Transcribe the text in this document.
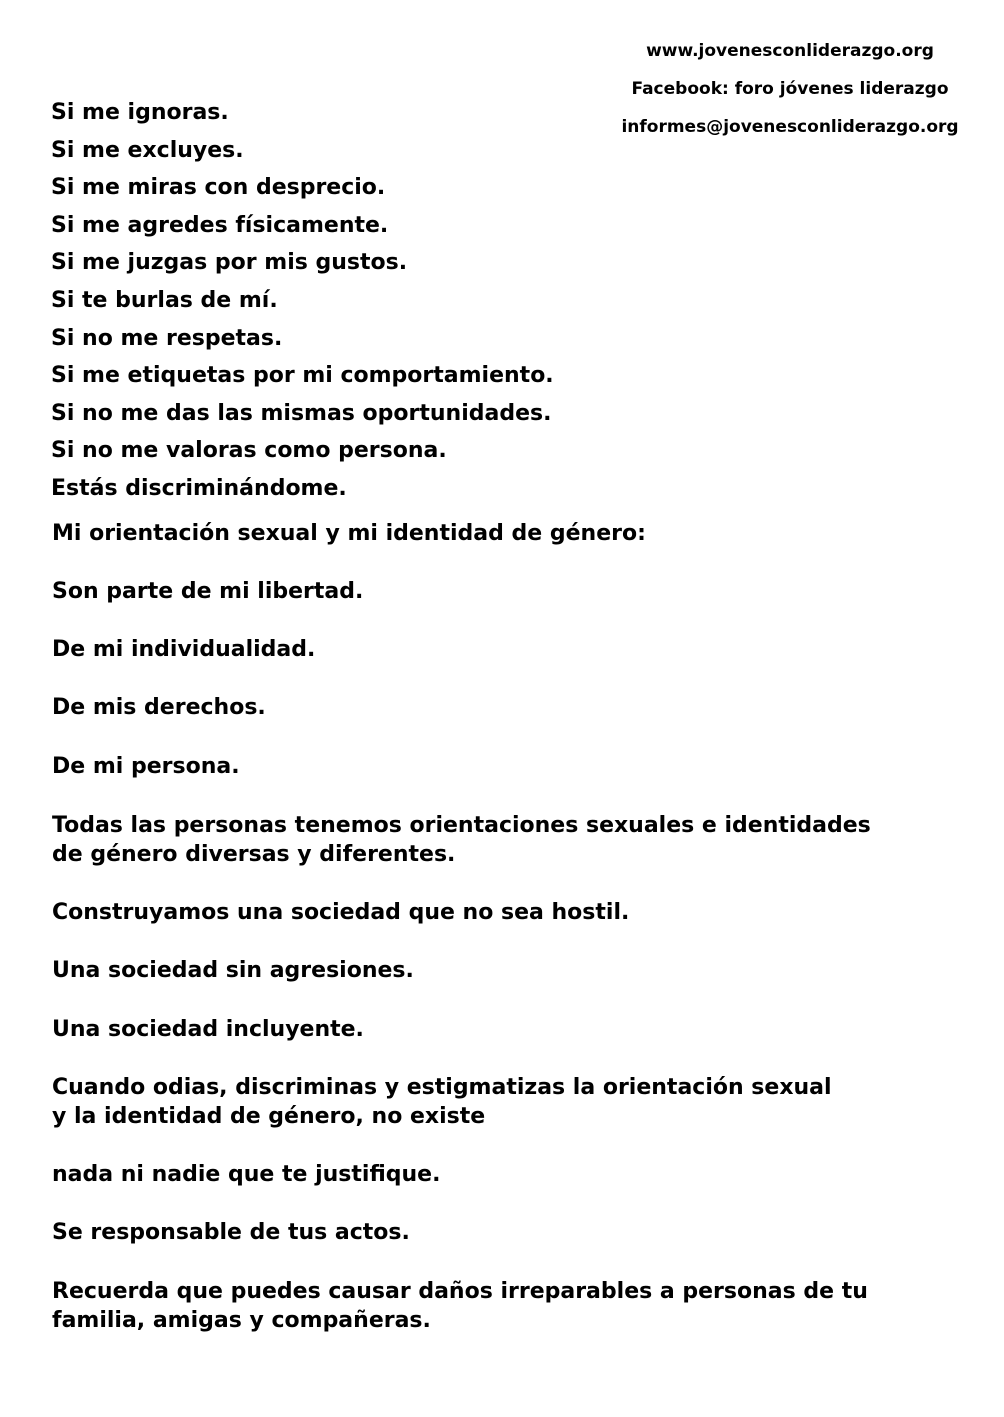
www.jovenesconliderazgo.org
Facebook: foro jóvenes liderazgo
informes@jovenesconliderazgo.org
Si me ignoras.
Si me excluyes.
Si me miras con desprecio.
Si me agredes físicamente.
Si me juzgas por mis gustos.
Si te burlas de mí.
Si no me respetas.
Si me etiquetas por mi comportamiento.
Si no me das las mismas oportunidades.
Si no me valoras como persona.
Estás discriminándome.

Mi orientación sexual y mi identidad de género:

Son parte de mi libertad.

De mi individualidad.

De mis derechos.

De mi persona.

Todas las personas tenemos orientaciones sexuales e identidades de género diversas y diferentes.

Construyamos una sociedad que no sea hostil.

Una sociedad sin agresiones.

Una sociedad incluyente.

Cuando odias, discriminas y estigmatizas la orientación sexual y la identidad de género, no existe

nada ni nadie que te justifique.

Se responsable de tus actos.

Recuerda que puedes causar daños irreparables a personas de tu familia, amigas y compañeras.
